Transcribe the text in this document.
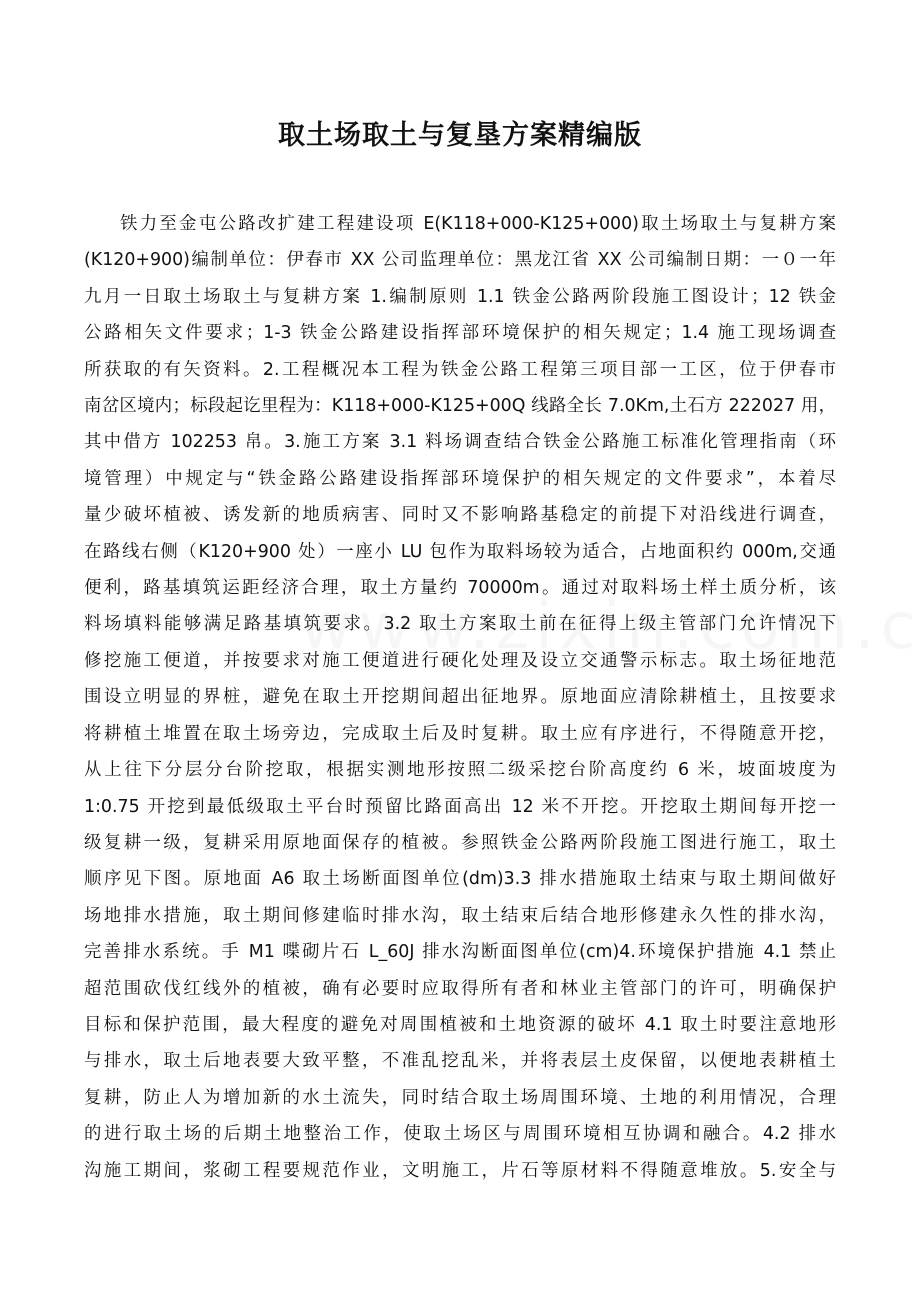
取土场取土与复垦方案精编版
铁力至金屯公路改扩建工程建设项 E(K118+000-K125+000)取土场取土与复耕方案
(K120+900)编制单位：伊春市 XX 公司监理单位：黑龙江省 XX 公司编制日期：一０一年
九月一日取土场取土与复耕方案 1.编制原则 1.1 铁金公路两阶段施工图设计；12 铁金
公路相矢文件要求；1-3 铁金公路建设指挥部环境保护的相矢规定；1.4 施工现场调查
所获取的有矢资料。2.工程概况本工程为铁金公路工程第三项目部一工区，位于伊春市
南岔区境内；标段起讫里程为：K118+000-K125+00Q 线路全长 7.0Km,土石方 222027 用，
其中借方 102253 帛。3.施工方案 3.1 料场调查结合铁金公路施工标准化管理指南（环
境管理）中规定与“铁金路公路建设指挥部环境保护的相矢规定的文件要求”，本着尽
量少破坏植被、诱发新的地质病害、同时又不影响路基稳定的前提下对沿线进行调查，
在路线右侧（K120+900 处）一座小 LU 包作为取料场较为适合，占地面积约 000m,交通
便利，路基填筑运距经济合理，取土方量约 70000m。通过对取料场土样土质分析，该
料场填料能够满足路基填筑要求。3.2 取土方案取土前在征得上级主管部门允许情况下
修挖施工便道，并按要求对施工便道进行硬化处理及设立交通警示标志。取土场征地范
围设立明显的界桩，避免在取土开挖期间超出征地界。原地面应清除耕植土，且按要求
将耕植土堆置在取土场旁边，完成取土后及时复耕。取土应有序进行，不得随意开挖，
从上往下分层分台阶挖取，根据实测地形按照二级采挖台阶高度约 6 米，坡面坡度为
1:0.75 开挖到最低级取土平台时预留比路面高出 12 米不开挖。开挖取土期间每开挖一
级复耕一级，复耕采用原地面保存的植被。参照铁金公路两阶段施工图进行施工，取土
顺序见下图。原地面 A6 取土场断面图单位(dm)3.3 排水措施取土结束与取土期间做好
场地排水措施，取土期间修建临时排水沟，取土结束后结合地形修建永久性的排水沟，
完善排水系统。手 M1 喋砌片石 L_60J 排水沟断面图单位(cm)4.环境保护措施 4.1 禁止
超范围砍伐红线外的植被，确有必要时应取得所有者和林业主管部门的许可，明确保护
目标和保护范围，最大程度的避免对周围植被和土地资源的破坏 4.1 取土时要注意地形
与排水，取土后地表要大致平整，不准乱挖乱米，并将表层土皮保留，以便地表耕植土
复耕，防止人为增加新的水土流失，同时结合取土场周围环境、土地的利用情况，合理
的进行取土场的后期土地整治工作，使取土场区与周围环境相互协调和融合。4.2 排水
沟施工期间，浆砌工程要规范作业，文明施工，片石等原材料不得随意堆放。5.安全与
